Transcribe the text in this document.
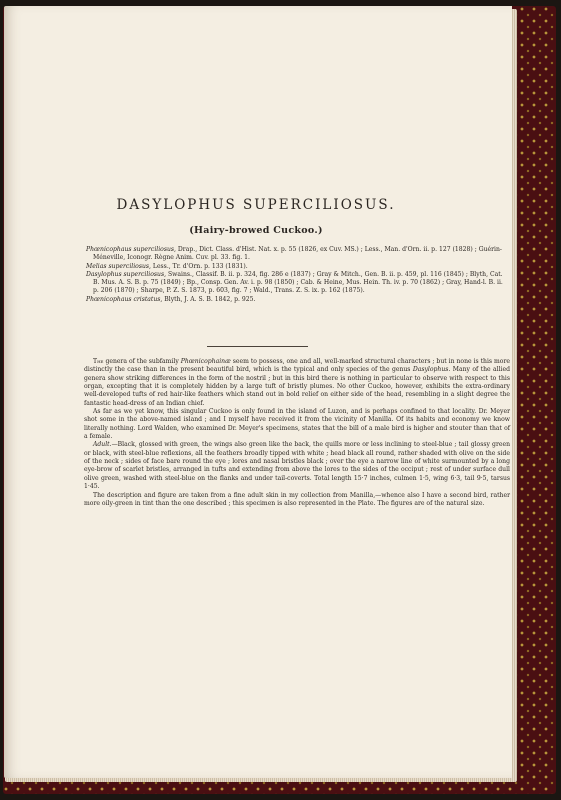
DASYLOPHUS SUPERCILIOSUS.
(Hairy-browed Cuckoo.)

Phœnicophaus superciliosus, Drap., Dict. Class. d'Hist. Nat. x. p. 55 (1826, ex Cuv. MS.) ; Less., Man. d'Orn. ii. p. 127 (1828) ; Guérin-Méneville, Iconogr. Règne Anim. Cuv. pl. 33. fig. 1.

Melias superciliosus, Less., Tr. d'Orn. p. 133 (1831).

Dasylophus superciliosus, Swains., Classif. B. ii. p. 324, fig. 286 e (1837) ; Gray & Mitch., Gen. B. ii. p. 459, pl. 116 (1845) ; Blyth, Cat. B. Mus. A. S. B. p. 75 (1849) ; Bp., Consp. Gen. Av. i. p. 98 (1850) ; Cab. & Heine, Mus. Hein. Th. iv. p. 70 (1862) ; Gray, Hand-l. B. ii. p. 206 (1870) ; Sharpe, P. Z. S. 1873, p. 603, fig. 7 ; Wald., Trans. Z. S. ix. p. 162 (1875).

Phœnicophaus cristatus, Blyth, J. A. S. B. 1842, p. 925.

The genera of the subfamily Phœnicophainæ seem to possess, one and all, well-marked structural characters ; but in none is this more distinctly the case than in the present beautiful bird, which is the typical and only species of the genus Dasylophus. Many of the allied genera show striking differences in the form of the nostril ; but in this bird there is nothing in particular to observe with respect to this organ, excepting that it is completely hidden by a large tuft of bristly plumes. No other Cuckoo, however, exhibits the extra-ordinary well-developed tufts of red hair-like feathers which stand out in bold relief on either side of the head, resembling in a slight degree the fantastic head-dress of an Indian chief.

As far as we yet know, this singular Cuckoo is only found in the island of Luzon, and is perhaps confined to that locality. Dr. Meyer shot some in the above-named island ; and I myself have received it from the vicinity of Manilla. Of its habits and economy we know literally nothing. Lord Walden, who examined Dr. Meyer's specimens, states that the bill of a male bird is higher and stouter than that of a female.

Adult.—Black, glossed with green, the wings also green like the back, the quills more or less inclining to steel-blue ; tail glossy green or black, with steel-blue reflexions, all the feathers broadly tipped with white ; head black all round, rather shaded with olive on the side of the neck ; sides of face bare round the eye ; lores and nasal bristles black ; over the eye a narrow line of white surmounted by a long eye-brow of scarlet bristles, arranged in tufts and extending from above the lores to the sides of the occiput ; rest of under surface dull olive green, washed with steel-blue on the flanks and under tail-coverts. Total length 15·7 inches, culmen 1·5, wing 6·3, tail 9·5, tarsus 1·45.

The description and figure are taken from a fine adult skin in my collection from Manilla,—whence also I have a second bird, rather more oily-green in tint than the one described ; this specimen is also represented in the Plate. The figures are of the natural size.
